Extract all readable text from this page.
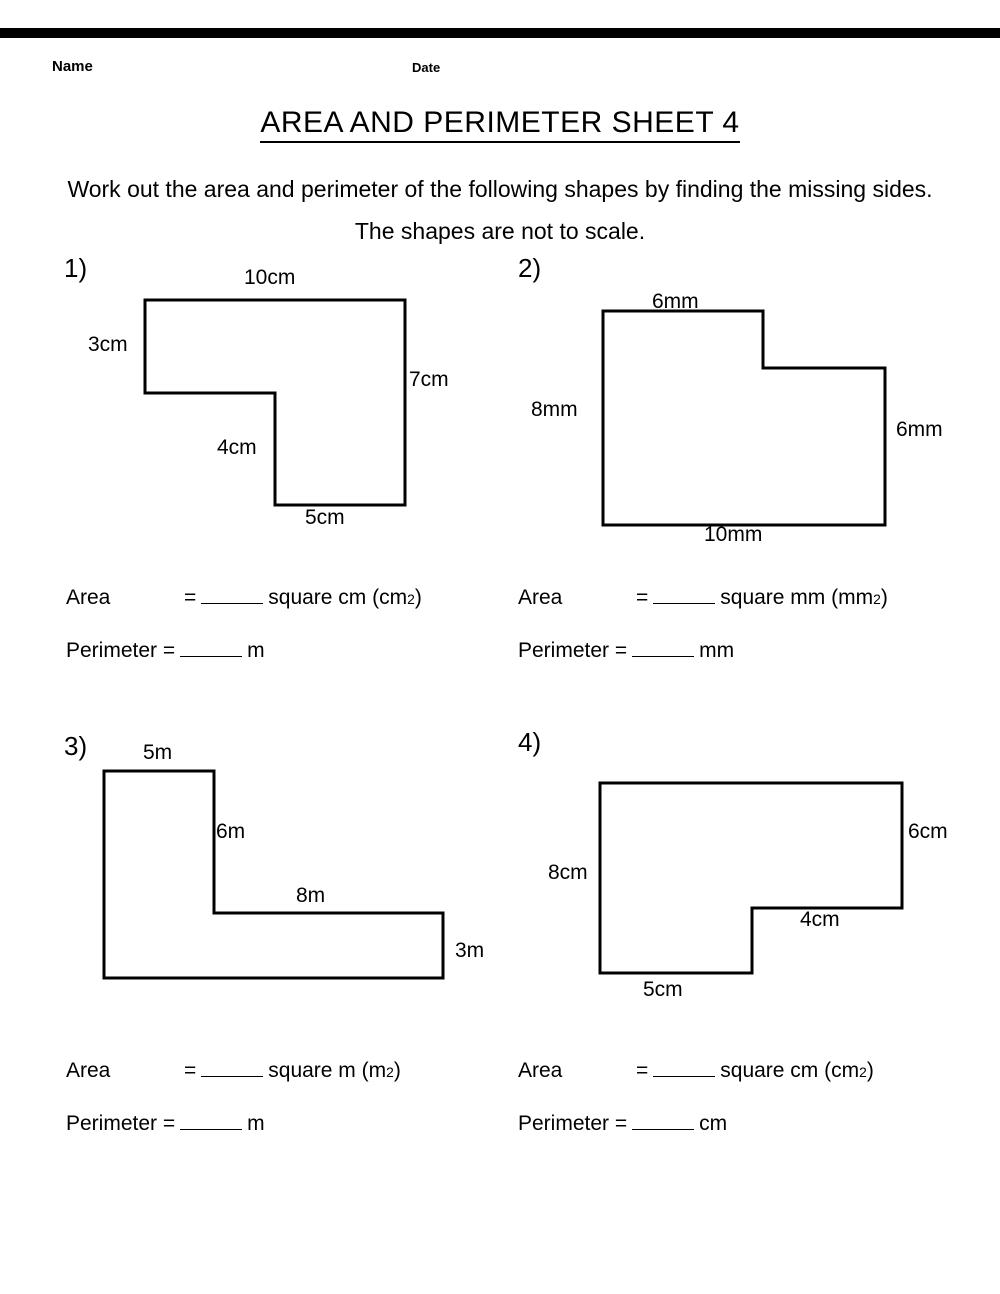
Name	Date
AREA AND PERIMETER SHEET 4
Work out the area and perimeter of the following shapes by finding the missing sides. The shapes are not to scale.
1)	10cm
3cm
7cm
4cm
5cm
Area	=	square cm (cm 2 )
Perimeter =	m
2)
6mm
8mm
6mm
10mm
Area	=	square mm (mm 2 )
Perimeter =	mm
3)	5m
6m
8m
3m
Area	=	square m (m 2 )
Perimeter =	m
4)
6cm
8cm
4cm
5cm
Area	=	square cm (cm 2 )
Perimeter =	cm
